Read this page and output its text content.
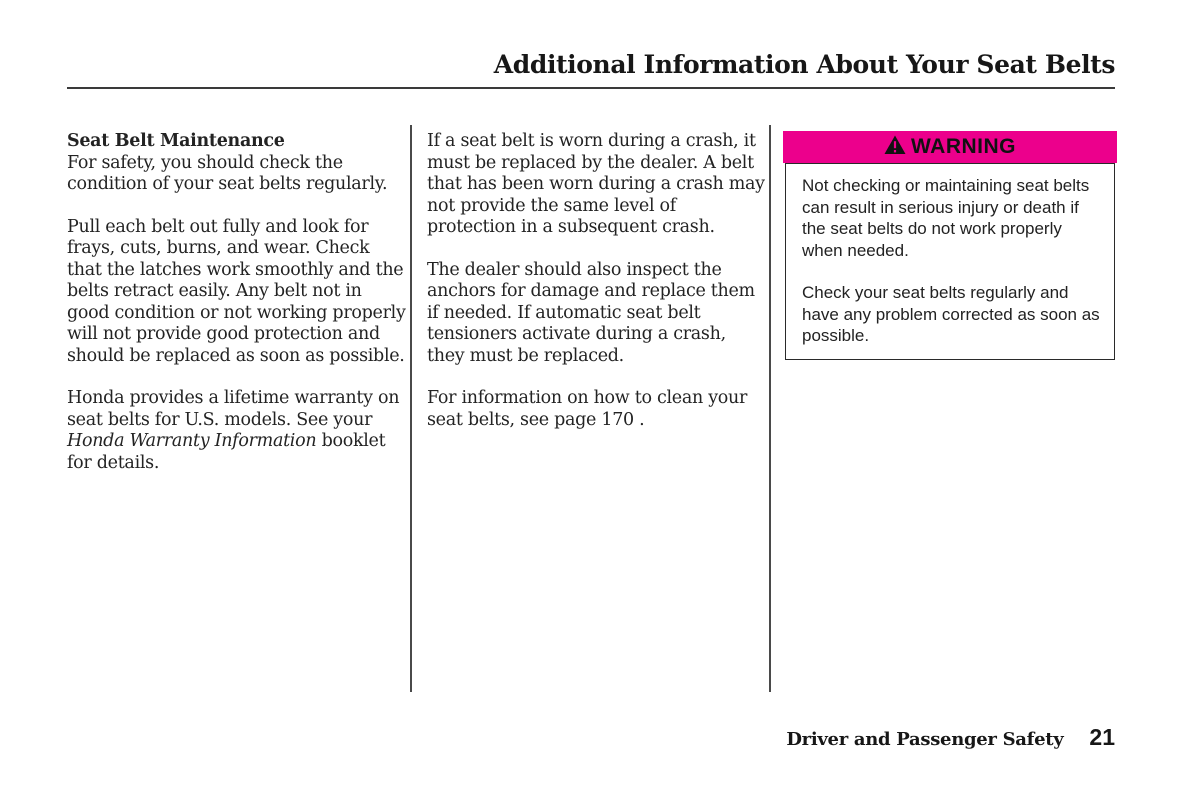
Additional Information About Your Seat Belts
Seat Belt Maintenance

For safety, you should check the condition of your seat belts regularly.

Pull each belt out fully and look for frays, cuts, burns, and wear. Check that the latches work smoothly and the belts retract easily. Any belt not in good condition or not working properly will not provide good protection and should be replaced as soon as possible.

Honda provides a lifetime warranty on seat belts for U.S. models. See your Honda Warranty Information booklet for details.

If a seat belt is worn during a crash, it must be replaced by the dealer. A belt that has been worn during a crash may not provide the same level of protection in a subsequent crash.

The dealer should also inspect the anchors for damage and replace them if needed. If automatic seat belt tensioners activate during a crash, they must be replaced.

For information on how to clean your seat belts, see page 170 .

WARNING

Not checking or maintaining seat belts can result in serious injury or death if the seat belts do not work properly when needed.

Check your seat belts regularly and have any problem corrected as soon as possible.

Driver and Passenger Safety 21
